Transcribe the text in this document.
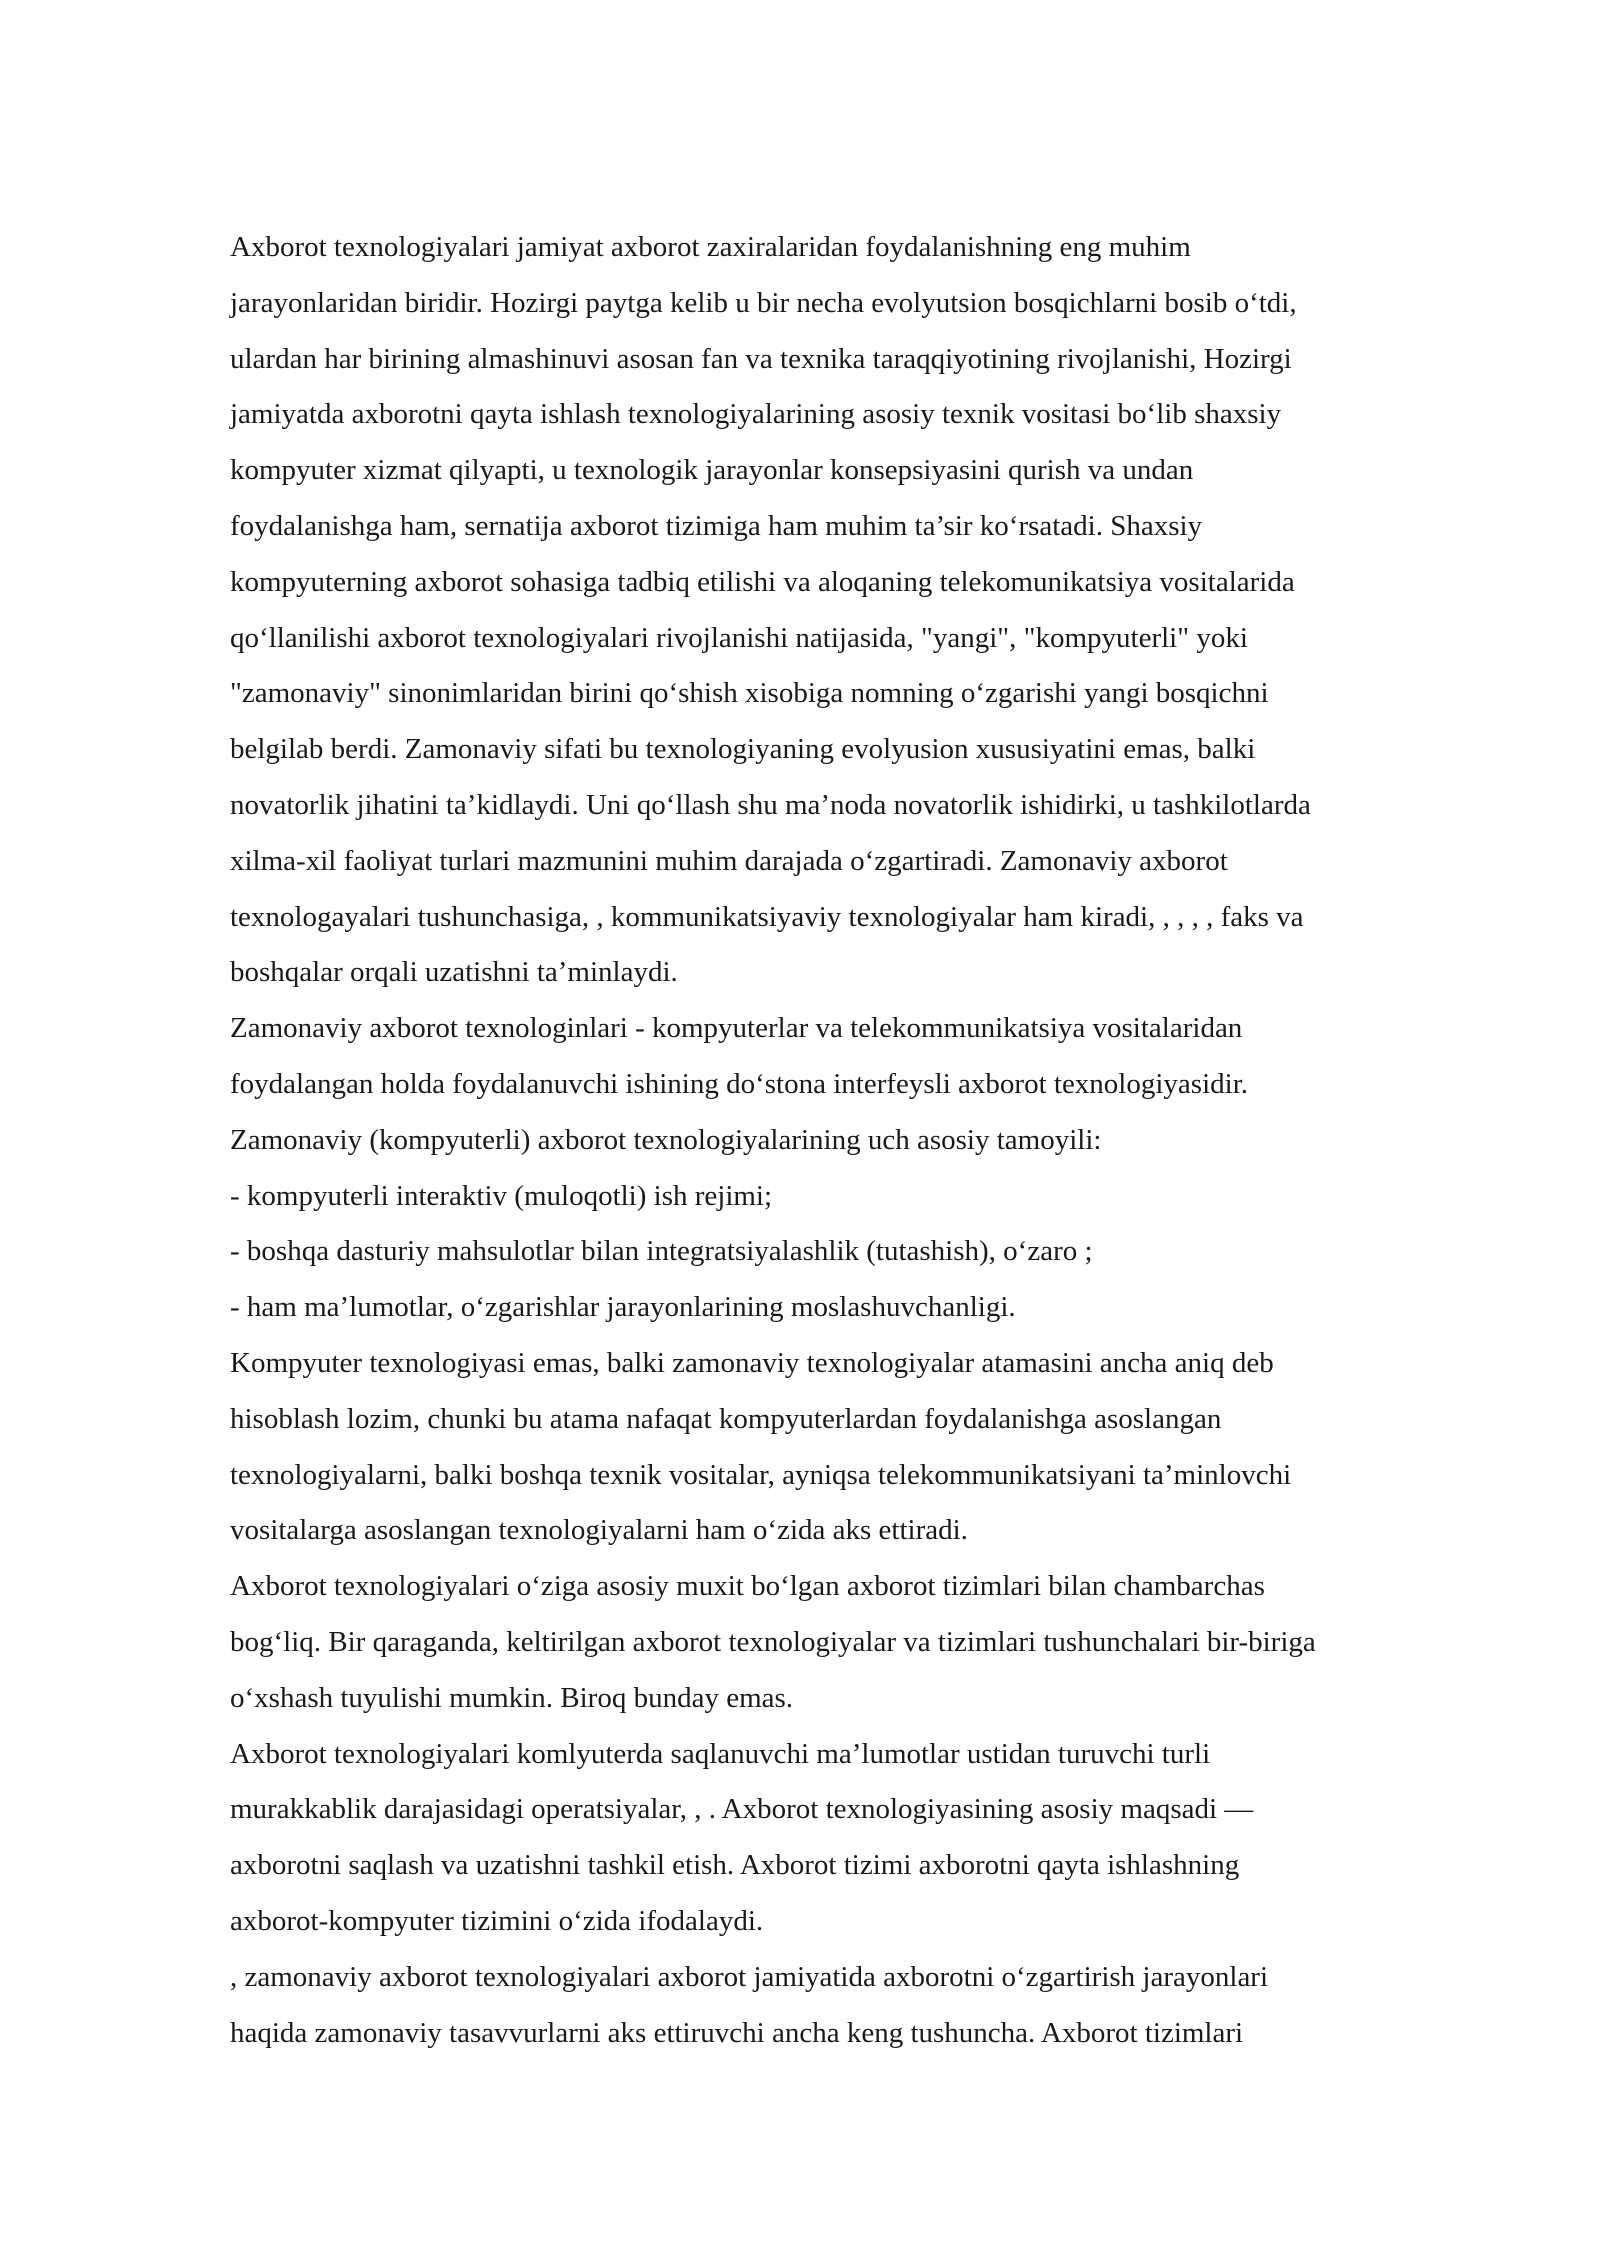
Axborot texnologiyalari jamiyat axborot zaxiralaridan foydalanishning eng muhim
jarayonlaridan biridir. Hozirgi paytga kelib u bir necha evolyutsion bosqichlarni bosib o‘tdi,
ulardan har birining almashinuvi asosan fan va texnika taraqqiyotining rivojlanishi, Hozirgi
jamiyatda axborotni qayta ishlash texnologiyalarining asosiy texnik vositasi bo‘lib shaxsiy
kompyuter xizmat qilyapti, u texnologik jarayonlar konsepsiyasini qurish va undan
foydalanishga ham, sernatija axborot tizimiga ham muhim ta’sir ko‘rsatadi. Shaxsiy
kompyuterning axborot sohasiga tadbiq etilishi va aloqaning telekomunikatsiya vositalarida
qo‘llanilishi axborot texnologiyalari rivojlanishi natijasida, "yangi", "kompyuterli" yoki
"zamonaviy" sinonimlaridan birini qo‘shish xisobiga nomning o‘zgarishi yangi bosqichni
belgilab berdi. Zamonaviy sifati bu texnologiyaning evolyusion xususiyatini emas, balki
novatorlik jihatini ta’kidlaydi. Uni qo‘llash shu ma’noda novatorlik ishidirki, u tashkilotlarda
xilma-xil faoliyat turlari mazmunini muhim darajada o‘zgartiradi. Zamonaviy axborot
texnologayalari tushunchasiga, , kommunikatsiyaviy texnologiyalar ham kiradi, , , , , faks va
boshqalar orqali uzatishni ta’minlaydi.
Zamonaviy axborot texnologinlari - kompyuterlar va telekommunikatsiya vositalaridan
foydalangan holda foydalanuvchi ishining do‘stona interfeysli axborot texnologiyasidir.
Zamonaviy (kompyuterli) axborot texnologiyalarining uch asosiy tamoyili:
- kompyuterli interaktiv (muloqotli) ish rejimi;
- boshqa dasturiy mahsulotlar bilan integratsiyalashlik (tutashish), o‘zaro ;
- ham ma’lumotlar, o‘zgarishlar jarayonlarining moslashuvchanligi.
Kompyuter texnologiyasi emas, balki zamonaviy texnologiyalar atamasini ancha aniq deb
hisoblash lozim, chunki bu atama nafaqat kompyuterlardan foydalanishga asoslangan
texnologiyalarni, balki boshqa texnik vositalar, ayniqsa telekommunikatsiyani ta’minlovchi
vositalarga asoslangan texnologiyalarni ham o‘zida aks ettiradi.
Axborot texnologiyalari o‘ziga asosiy muxit bo‘lgan axborot tizimlari bilan chambarchas
bog‘liq. Bir qaraganda, keltirilgan axborot texnologiyalar va tizimlari tushunchalari bir-biriga
o‘xshash tuyulishi mumkin. Biroq bunday emas.
Axborot texnologiyalari komlyuterda saqlanuvchi ma’lumotlar ustidan turuvchi turli
murakkablik darajasidagi operatsiyalar, , . Axborot texnologiyasining asosiy maqsadi —
axborotni saqlash va uzatishni tashkil etish. Axborot tizimi axborotni qayta ishlashning
axborot-kompyuter tizimini o‘zida ifodalaydi.
, zamonaviy axborot texnologiyalari axborot jamiyatida axborotni o‘zgartirish jarayonlari
haqida zamonaviy tasavvurlarni aks ettiruvchi ancha keng tushuncha. Axborot tizimlari
